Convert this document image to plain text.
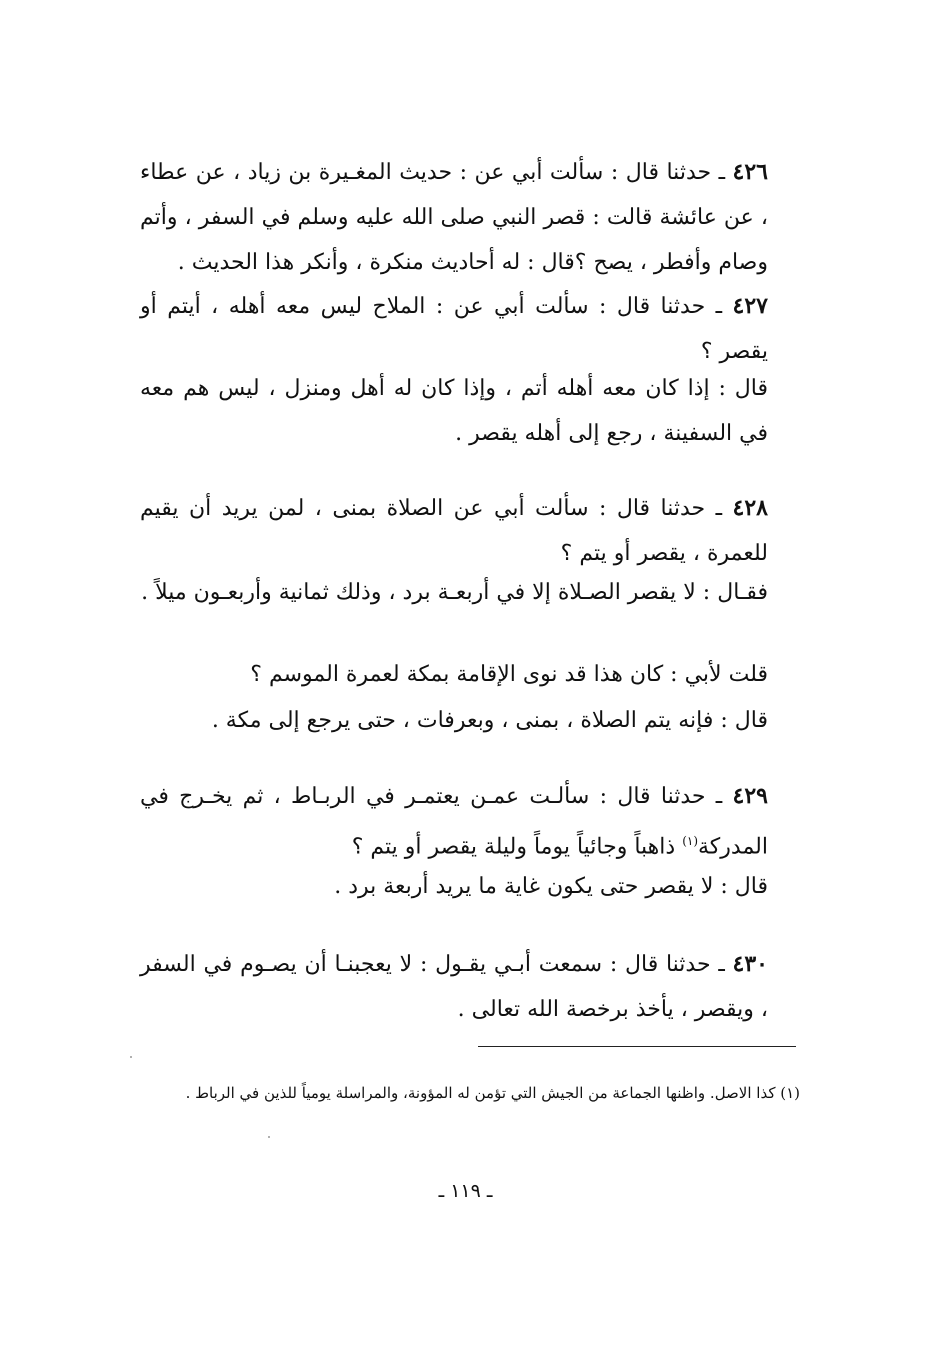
٤٢٦ ـ حدثنا قال : سألت أبي عن : حديث المغـيرة بن زياد ، عن عطاء ، عن عائشة قالت : قصر النبي صلى الله عليه وسلم في السفر ، وأتم وصام وأفطر ، يصح ؟قال : له أحاديث منكرة ، وأنكر هذا الحديث .

٤٢٧ ـ حدثنا قال : سألت أبي عن : الملاح ليس معه أهله ، أيتم أو يقصر ؟

قال : إذا كان معه أهله أتم ، وإذا كان له أهل ومنزل ، ليس هم معه في السفينة ، رجع إلى أهله يقصر .

٤٢٨ ـ حدثنا قال : سألت أبي عن الصلاة بمنى ، لمن يريد أن يقيم للعمرة ، يقصر أو يتم ؟

فقـال : لا يقصر الصـلاة إلا في أربعـة برد ، وذلك ثمانية وأربعـون ميلاً .

قلت لأبي : كان هذا قد نوى الإقامة بمكة لعمرة الموسم ؟

قال : فإنه يتم الصلاة ، بمنى ، وبعرفات ، حتى يرجع إلى مكة .

٤٢٩ ـ حدثنا قال : سألـت عمـن يعتمـر في الربـاط ، ثم يخـرج في المدركة$^{(١)}$ ذاهباً وجائياً يوماً وليلة يقصر أو يتم ؟

قال : لا يقصر حتى يكون غاية ما يريد أربعة برد .

٤٣٠ ـ حدثنا قال : سمعت أبـي يقـول : لا يعجبنـا أن يصـوم في السفر ، ويقصر ، يأخذ برخصة الله تعالى .

(١) كذا الاصل. واظنها الجماعة من الجيش التي تؤمن له المؤونة، والمراسلة يومياً للذين في الرباط .
ـ ١١٩ ـ
